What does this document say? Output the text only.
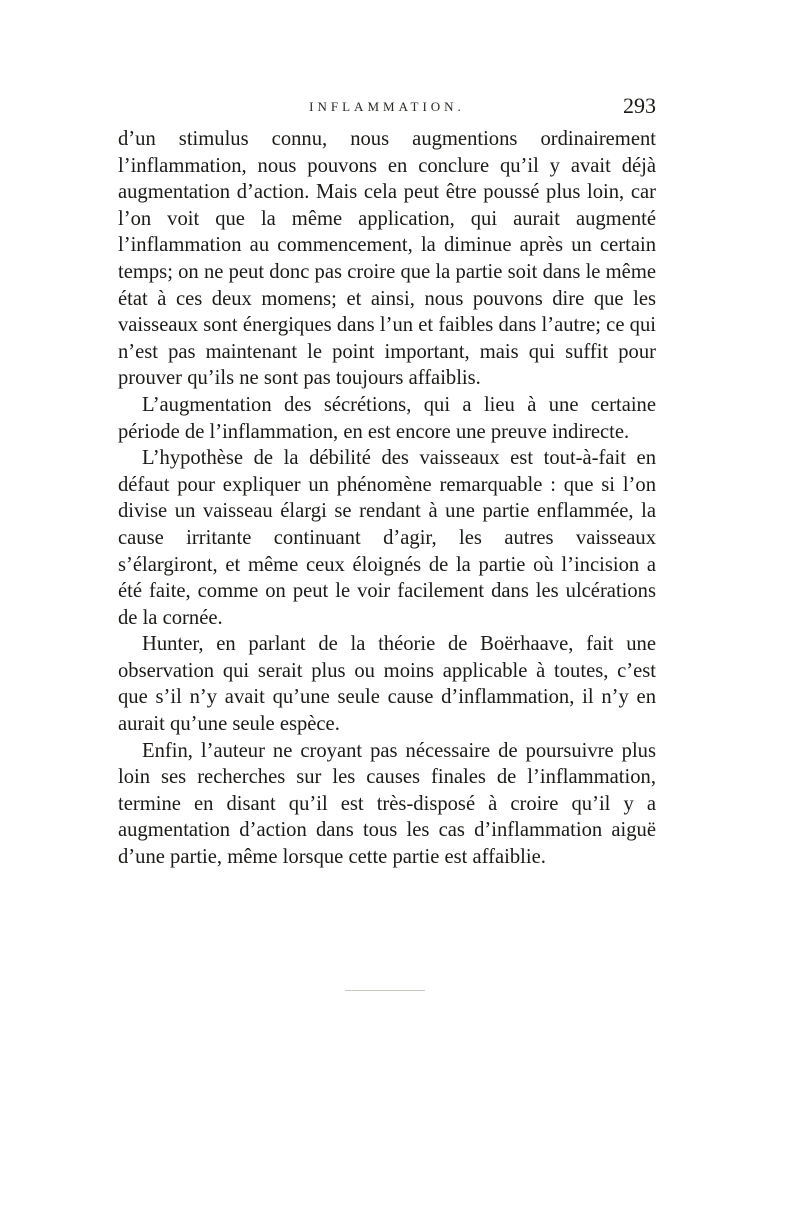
INFLAMMATION.	293

d’un stimulus connu, nous augmentions ordinairement l’inflammation, nous pouvons en conclure qu’il y avait déjà augmentation d’action. Mais cela peut être poussé plus loin, car l’on voit que la même application, qui aurait augmenté l’inflammation au commencement, la diminue après un certain temps; on ne peut donc pas croire que la partie soit dans le même état à ces deux momens; et ainsi, nous pouvons dire que les vaisseaux sont énergiques dans l’un et faibles dans l’autre; ce qui n’est pas maintenant le point important, mais qui suffit pour prouver qu’ils ne sont pas toujours affaiblis.

L’augmentation des sécrétions, qui a lieu à une certaine période de l’inflammation, en est encore une preuve indirecte.

L’hypothèse de la débilité des vaisseaux est tout-à-fait en défaut pour expliquer un phénomène remarquable : que si l’on divise un vaisseau élargi se rendant à une partie enflammée, la cause irritante continuant d’agir, les autres vaisseaux s’élargiront, et même ceux éloignés de la partie où l’incision a été faite, comme on peut le voir facilement dans les ulcérations de la cornée.

Hunter, en parlant de la théorie de Boërhaave, fait une observation qui serait plus ou moins applicable à toutes, c’est que s’il n’y avait qu’une seule cause d’inflammation, il n’y en aurait qu’une seule espèce.

Enfin, l’auteur ne croyant pas nécessaire de poursuivre plus loin ses recherches sur les causes finales de l’inflammation, termine en disant qu’il est très-disposé à croire qu’il y a augmentation d’action dans tous les cas d’inflammation aiguë d’une partie, même lorsque cette partie est affaiblie.
